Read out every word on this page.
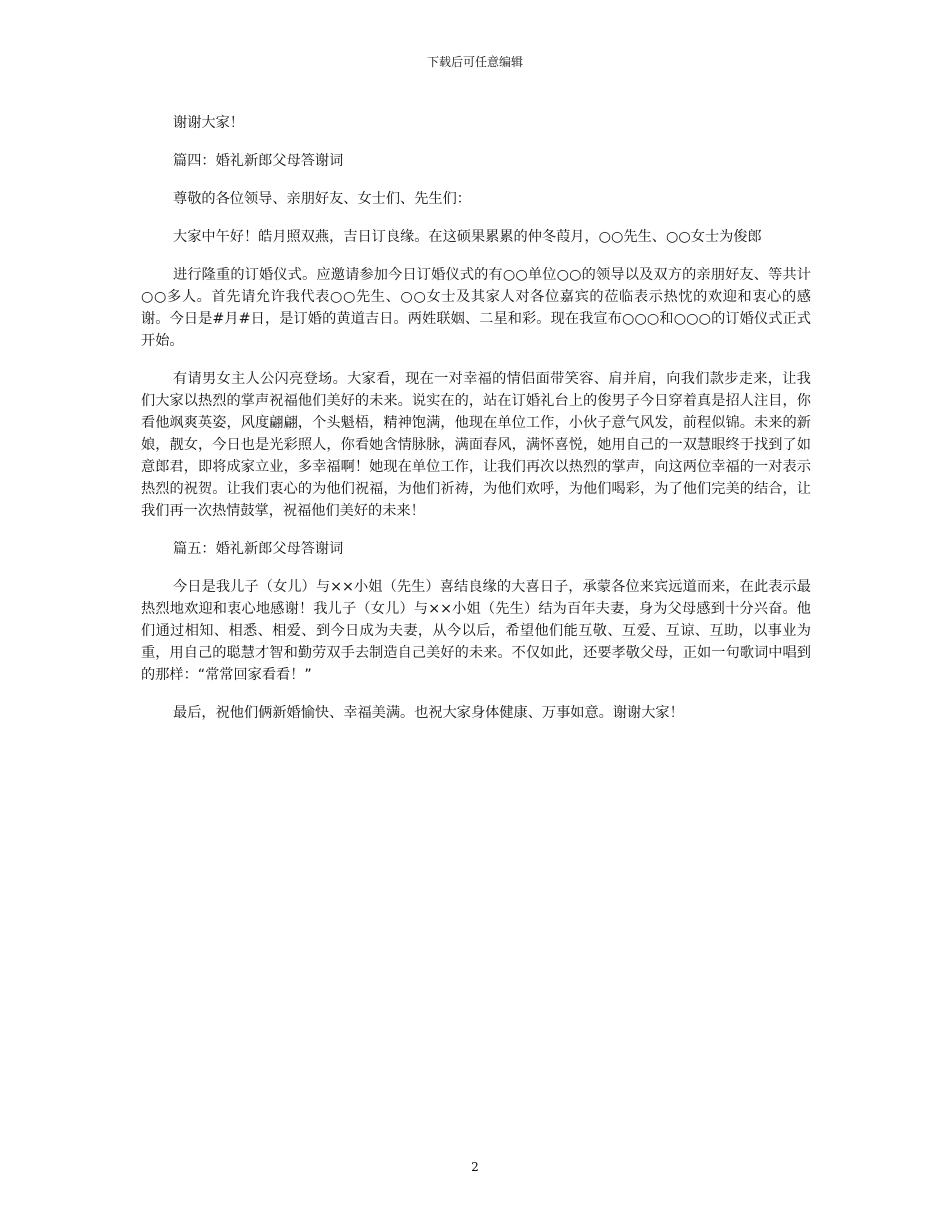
下载后可任意编辑

谢谢大家！

篇四：婚礼新郎父母答谢词

尊敬的各位领导、亲朋好友、女士们、先生们：

大家中午好！皓月照双燕，吉日订良缘。在这硕果累累的仲冬葭月，○○先生、○○女士为俊郎

进行隆重的订婚仪式。应邀请参加今日订婚仪式的有○○单位○○的领导以及双方的亲朋好友、等共计○○多人。首先请允许我代表○○先生、○○女士及其家人对各位嘉宾的莅临表示热忱的欢迎和衷心的感谢。今日是#月#日，是订婚的黄道吉日。两姓联姻、二星和彩。现在我宣布○○○和○○○的订婚仪式正式开始。

有请男女主人公闪亮登场。大家看，现在一对幸福的情侣面带笑容、肩并肩，向我们款步走来，让我们大家以热烈的掌声祝福他们美好的未来。说实在的，站在订婚礼台上的俊男子今日穿着真是招人注目，你看他飒爽英姿，风度翩翩，个头魁梧，精神饱满，他现在单位工作，小伙子意气风发，前程似锦。未来的新娘，靓女，今日也是光彩照人，你看她含情脉脉，满面春风，满怀喜悦，她用自己的一双慧眼终于找到了如意郎君，即将成家立业，多幸福啊！她现在单位工作，让我们再次以热烈的掌声，向这两位幸福的一对表示热烈的祝贺。让我们衷心的为他们祝福，为他们祈祷，为他们欢呼，为他们喝彩，为了他们完美的结合，让我们再一次热情鼓掌，祝福他们美好的未来！

篇五：婚礼新郎父母答谢词

今日是我儿子（女儿）与××小姐（先生）喜结良缘的大喜日子，承蒙各位来宾远道而来，在此表示最热烈地欢迎和衷心地感谢！我儿子（女儿）与××小姐（先生）结为百年夫妻，身为父母感到十分兴奋。他们通过相知、相悉、相爱、到今日成为夫妻，从今以后，希望他们能互敬、互爱、互谅、互助，以事业为重，用自己的聪慧才智和勤劳双手去制造自己美好的未来。不仅如此，还要孝敬父母，正如一句歌词中唱到的那样：“常常回家看看！”

最后，祝他们俩新婚愉快、幸福美满。也祝大家身体健康、万事如意。谢谢大家！

2
